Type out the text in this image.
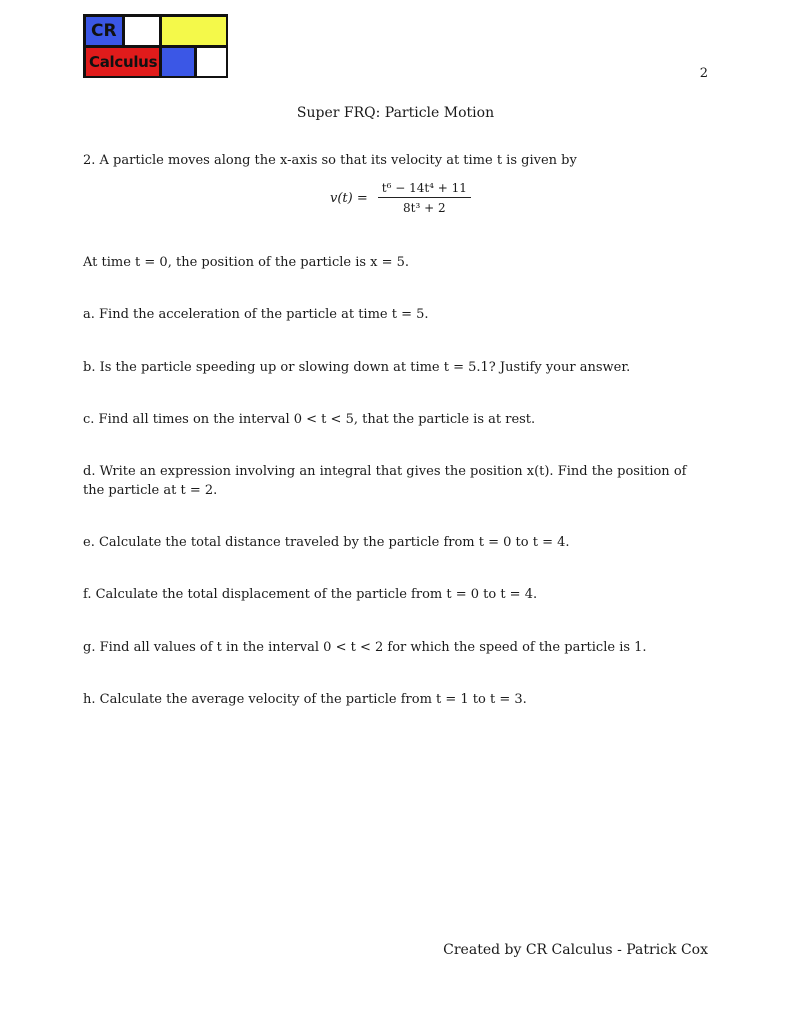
CR
Calculus
2
Super FRQ: Particle Motion
2. A particle moves along the x-axis so that its velocity at time t is given by
$v(t) = \frac{\text{t⁶ − 14t⁴ + 11}}{\text{8t³ + 2}}$
At time t = 0, the position of the particle is x = 5.
a. Find the acceleration of the particle at time t = 5.
b. Is the particle speeding up or slowing down at time t = 5.1? Justify your answer.
c. Find all times on the interval 0 < t < 5, that the particle is at rest.
d. Write an expression involving an integral that gives the position x(t). Find the position of the particle at t = 2.
e. Calculate the total distance traveled by the particle from t = 0 to t = 4.
f. Calculate the total displacement of the particle from t = 0 to t = 4.
g. Find all values of t in the interval 0 < t < 2 for which the speed of the particle is 1.
h. Calculate the average velocity of the particle from t = 1 to t = 3.
Created by CR Calculus - Patrick Cox
